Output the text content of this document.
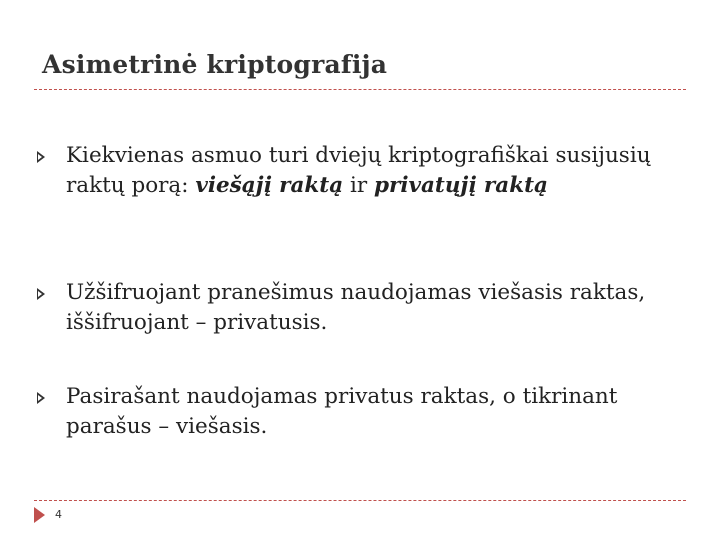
Asimetrinė kriptografija
Kiekvienas asmuo turi dviejų kriptografiškai susijusių raktų porą: viešąjį raktą ir privatųjį raktą
Užšifruojant pranešimus naudojamas viešasis raktas, iššifruojant – privatusis.
Pasirašant naudojamas privatus raktas, o tikrinant parašus – viešasis.
4
